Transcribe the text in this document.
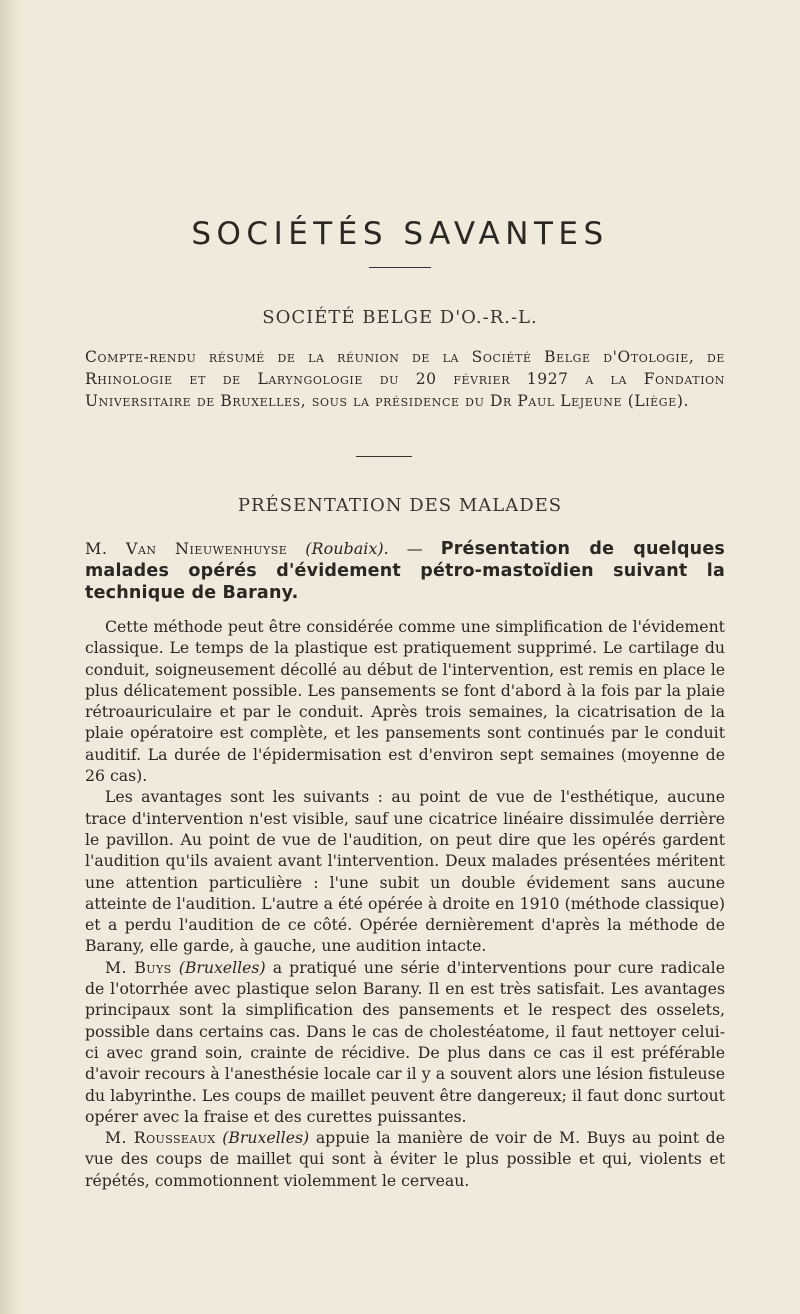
SOCIÉTÉS SAVANTES
SOCIÉTÉ BELGE D'O.-R.-L.
Compte-rendu résumé de la réunion de la Société Belge d'Otologie, de Rhinologie et de Laryngologie du 20 février 1927 a la Fondation Universitaire de Bruxelles, sous la présidence du Dr Paul Lejeune (Liège).
PRÉSENTATION DES MALADES
M. Van Nieuwenhuyse (Roubaix). — Présentation de quelques malades opérés d'évidement pétro-mastoïdien suivant la technique de Barany.

Cette méthode peut être considérée comme une simplification de l'évidement classique. Le temps de la plastique est pratiquement supprimé. Le cartilage du conduit, soigneusement décollé au début de l'intervention, est remis en place le plus délicatement possible. Les pansements se font d'abord à la fois par la plaie rétroauriculaire et par le conduit. Après trois semaines, la cicatrisation de la plaie opératoire est complète, et les pansements sont continués par le conduit auditif. La durée de l'épidermisation est d'environ sept semaines (moyenne de 26 cas).

Les avantages sont les suivants : au point de vue de l'esthétique, aucune trace d'intervention n'est visible, sauf une cicatrice linéaire dissimulée derrière le pavillon. Au point de vue de l'audition, on peut dire que les opérés gardent l'audition qu'ils avaient avant l'intervention. Deux malades présentées méritent une attention particulière : l'une subit un double évidement sans aucune atteinte de l'audition. L'autre a été opérée à droite en 1910 (méthode classique) et a perdu l'audition de ce côté. Opérée dernièrement d'après la méthode de Barany, elle garde, à gauche, une audition intacte.

M. Buys (Bruxelles) a pratiqué une série d'interventions pour cure radicale de l'otorrhée avec plastique selon Barany. Il en est très satisfait. Les avantages principaux sont la simplification des pansements et le respect des osselets, possible dans certains cas. Dans le cas de cholestéatome, il faut nettoyer celui-ci avec grand soin, crainte de récidive. De plus dans ce cas il est préférable d'avoir recours à l'anesthésie locale car il y a souvent alors une lésion fistuleuse du labyrinthe. Les coups de maillet peuvent être dangereux; il faut donc surtout opérer avec la fraise et des curettes puissantes.

M. Rousseaux (Bruxelles) appuie la manière de voir de M. Buys au point de vue des coups de maillet qui sont à éviter le plus possible et qui, violents et répétés, commotionnent violemment le cerveau.
